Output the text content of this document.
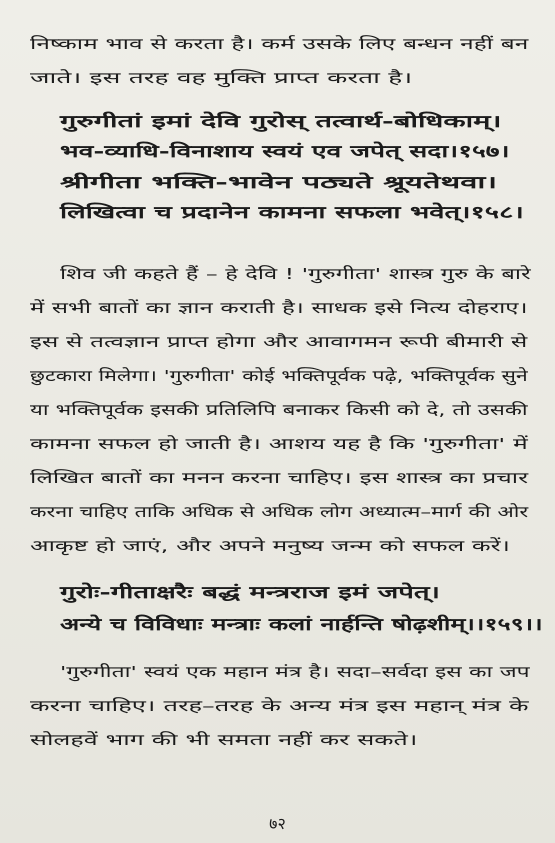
निष्काम भाव से करता है। कर्म उसके लिए बन्धन नहीं बन
जाते। इस तरह वह मुक्ति प्राप्त करता है।
गुरुगीतां इमां देवि गुरोस् तत्वार्थ-बोधिकाम्।
भव-व्याधि-विनाशाय स्वयं एव जपेत् सदा।१५७।
श्रीगीता भक्ति-भावेन पठ्यते श्रूयतेथवा।
लिखित्वा च प्रदानेन कामना सफला भवेत्।१५८।
शिव जी कहते हैं – हे देवि ! 'गुरुगीता' शास्त्र गुरु के बारे
में सभी बातों का ज्ञान कराती है। साधक इसे नित्य दोहराए।
इस से तत्वज्ञान प्राप्त होगा और आवागमन रूपी बीमारी से
छुटकारा मिलेगा। 'गुरुगीता' कोई भक्तिपूर्वक पढ़े, भक्तिपूर्वक सुने
या भक्तिपूर्वक इसकी प्रतिलिपि बनाकर किसी को दे, तो उसकी
कामना सफल हो जाती है। आशय यह है कि 'गुरुगीता' में
लिखित बातों का मनन करना चाहिए। इस शास्त्र का प्रचार
करना चाहिए ताकि अधिक से अधिक लोग अध्यात्म–मार्ग की ओर
आकृष्ट हो जाएं, और अपने मनुष्य जन्म को सफल करें।
गुरोः-गीताक्षरैः बद्धं मन्त्रराज इमं जपेत्।
अन्ये च विविधाः मन्त्राः कलां नार्हन्ति षोढ़शीम्।।१५९।।
'गुरुगीता' स्वयं एक महान मंत्र है। सदा–सर्वदा इस का जप
करना चाहिए। तरह–तरह के अन्य मंत्र इस महान् मंत्र के
सोलहवें भाग की भी समता नहीं कर सकते।
७२
